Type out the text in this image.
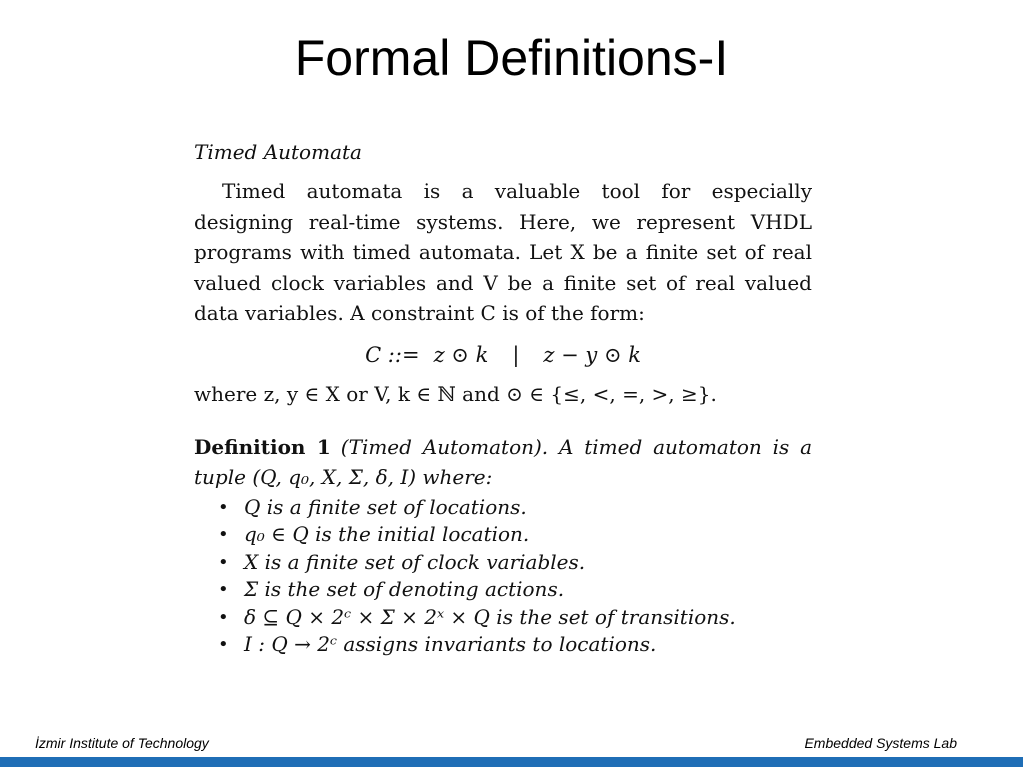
Formal Definitions-I
Timed Automata

Timed automata is a valuable tool for especially designing real-time systems. Here, we represent VHDL programs with timed automata. Let X be a finite set of real valued clock variables and V be a finite set of real valued data variables. A constraint C is of the form:

C ::= z ⊙ k | z − y ⊙ k
where z, y ∈ X or V, k ∈ ℕ and ⊙ ∈ {≤, <, =, >, ≥}.

Definition 1 (Timed Automaton). A timed automaton is a tuple (Q, q₀, X, Σ, δ, I) where:

• Q is a finite set of locations.
• q₀ ∈ Q is the initial location.
• X is a finite set of clock variables.
• Σ is the set of denoting actions.
• δ ⊆ Q × 2ᶜ × Σ × 2ˣ × Q is the set of transitions.
• I : Q → 2ᶜ assigns invariants to locations.
İzmir Institute of Technology	Embedded Systems Lab
